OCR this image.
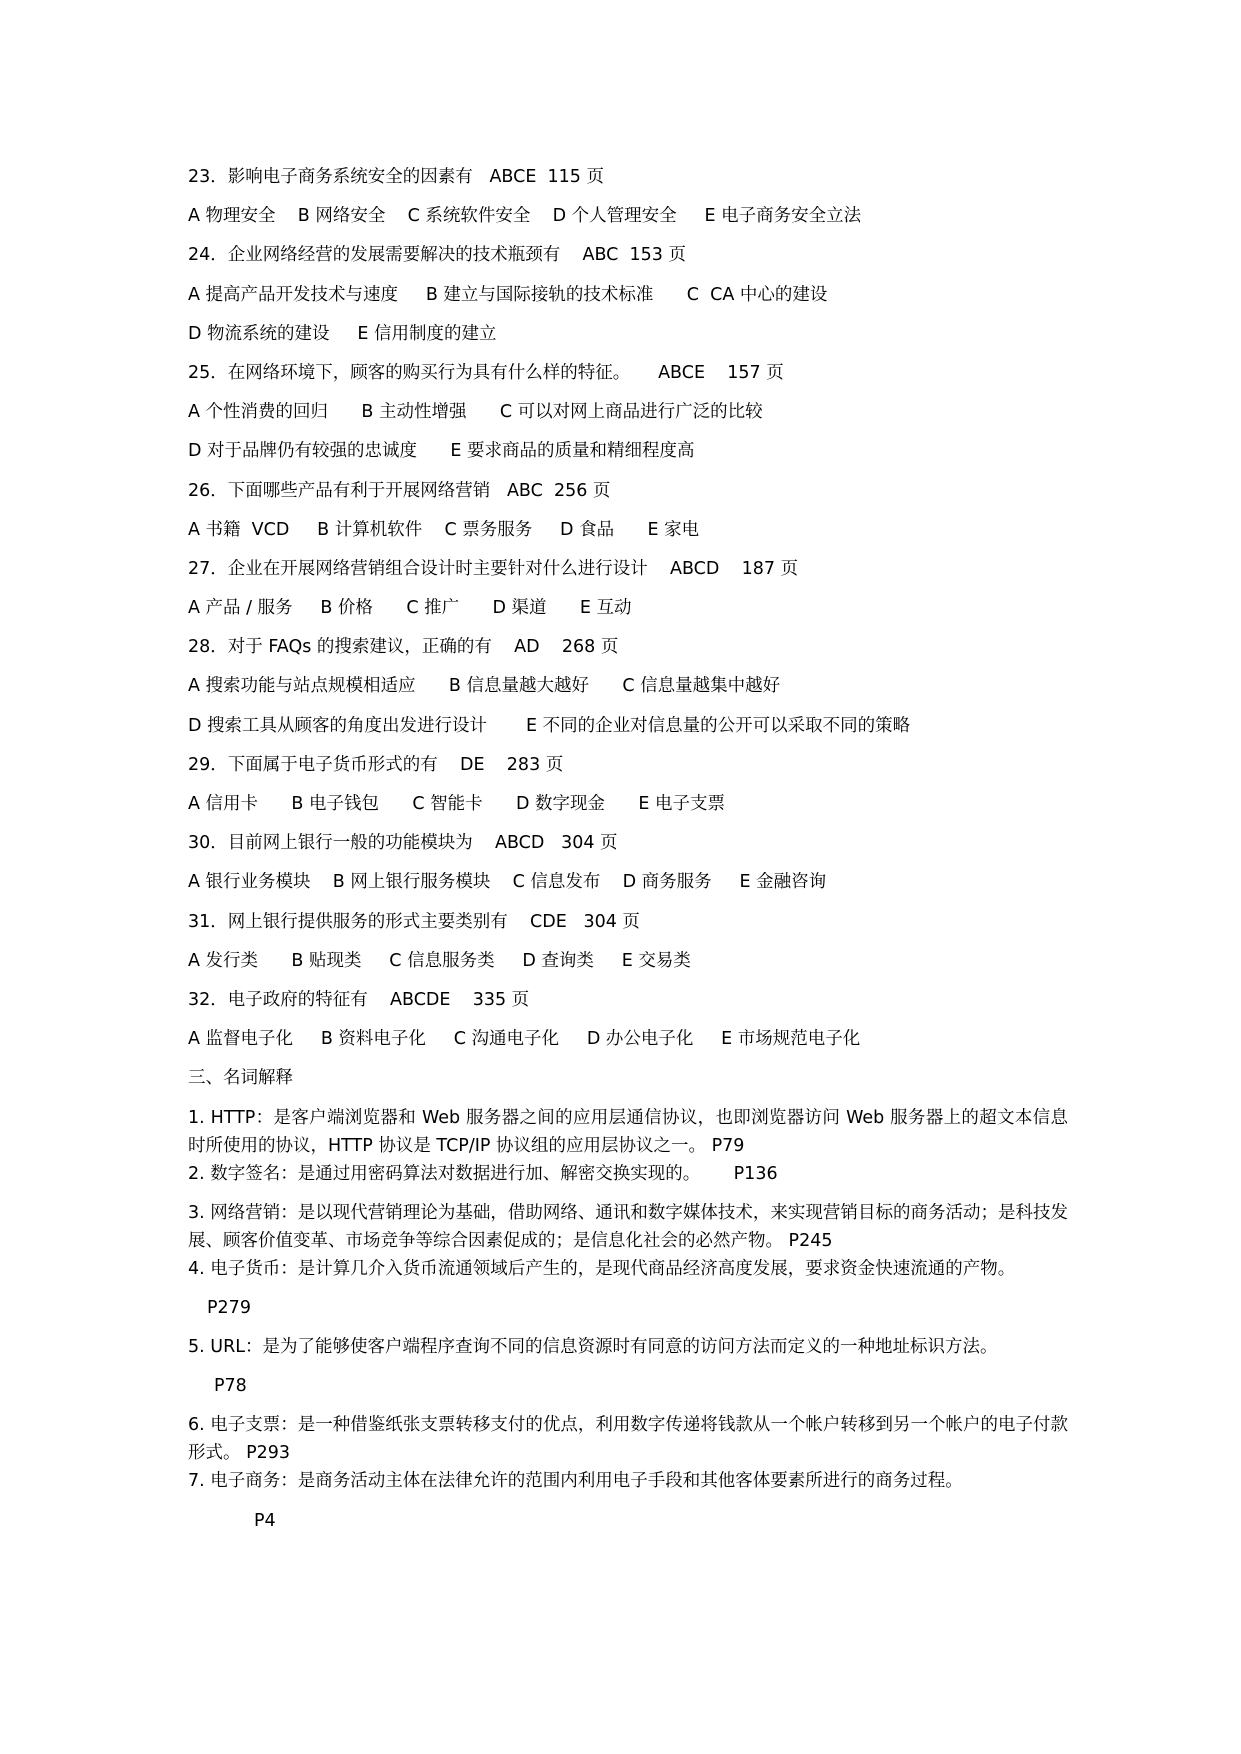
23．影响电子商务系统安全的因素有   ABCE  115 页
A 物理安全    B 网络安全    C 系统软件安全    D 个人管理安全     E 电子商务安全立法
24．企业网络经营的发展需要解决的技术瓶颈有    ABC  153 页
A 提高产品开发技术与速度     B 建立与国际接轨的技术标准      C  CA 中心的建设
D 物流系统的建设     E 信用制度的建立
25．在网络环境下，顾客的购买行为具有什么样的特征。     ABCE    157 页
A 个性消费的回归      B 主动性增强      C 可以对网上商品进行广泛的比较
D 对于品牌仍有较强的忠诚度      E 要求商品的质量和精细程度高
26．下面哪些产品有利于开展网络营销   ABC  256 页
A 书籍  VCD     B 计算机软件    C 票务服务     D 食品      E 家电
27．企业在开展网络营销组合设计时主要针对什么进行设计    ABCD    187 页
A 产品 / 服务     B 价格      C 推广      D 渠道      E 互动
28．对于 FAQs 的搜索建议，正确的有    AD    268 页
A 搜索功能与站点规模相适应      B 信息量越大越好      C 信息量越集中越好
D 搜索工具从顾客的角度出发进行设计       E 不同的企业对信息量的公开可以采取不同的策略
29．下面属于电子货币形式的有    DE    283 页
A 信用卡      B 电子钱包      C 智能卡      D 数字现金      E 电子支票
30．目前网上银行一般的功能模块为    ABCD   304 页
A 银行业务模块    B 网上银行服务模块    C 信息发布    D 商务服务     E 金融咨询
31．网上银行提供服务的形式主要类别有    CDE   304 页
A 发行类      B 贴现类     C 信息服务类     D 查询类     E 交易类
32．电子政府的特征有    ABCDE    335 页
A 监督电子化     B 资料电子化     C 沟通电子化     D 办公电子化     E 市场规范电子化
三、名词解释
1. HTTP：是客户端浏览器和 Web 服务器之间的应用层通信协议，也即浏览器访问 Web 服务器上的超文本信息时所使用的协议，HTTP 协议是 TCP/IP 协议组的应用层协议之一。 P79
2. 数字签名：是通过用密码算法对数据进行加、解密交换实现的。      P136
3. 网络营销：是以现代营销理论为基础，借助网络、通讯和数字媒体技术，来实现营销目标的商务活动；是科技发展、顾客价值变革、市场竞争等综合因素促成的；是信息化社会的必然产物。 P245
4. 电子货币：是计算几介入货币流通领域后产生的，是现代商品经济高度发展，要求资金快速流通的产物。
P279
5. URL：是为了能够使客户端程序查询不同的信息资源时有同意的访问方法而定义的一种地址标识方法。
P78
6. 电子支票：是一种借鉴纸张支票转移支付的优点，利用数字传递将钱款从一个帐户转移到另一个帐户的电子付款形式。 P293
7. 电子商务：是商务活动主体在法律允许的范围内利用电子手段和其他客体要素所进行的商务过程。
P4
